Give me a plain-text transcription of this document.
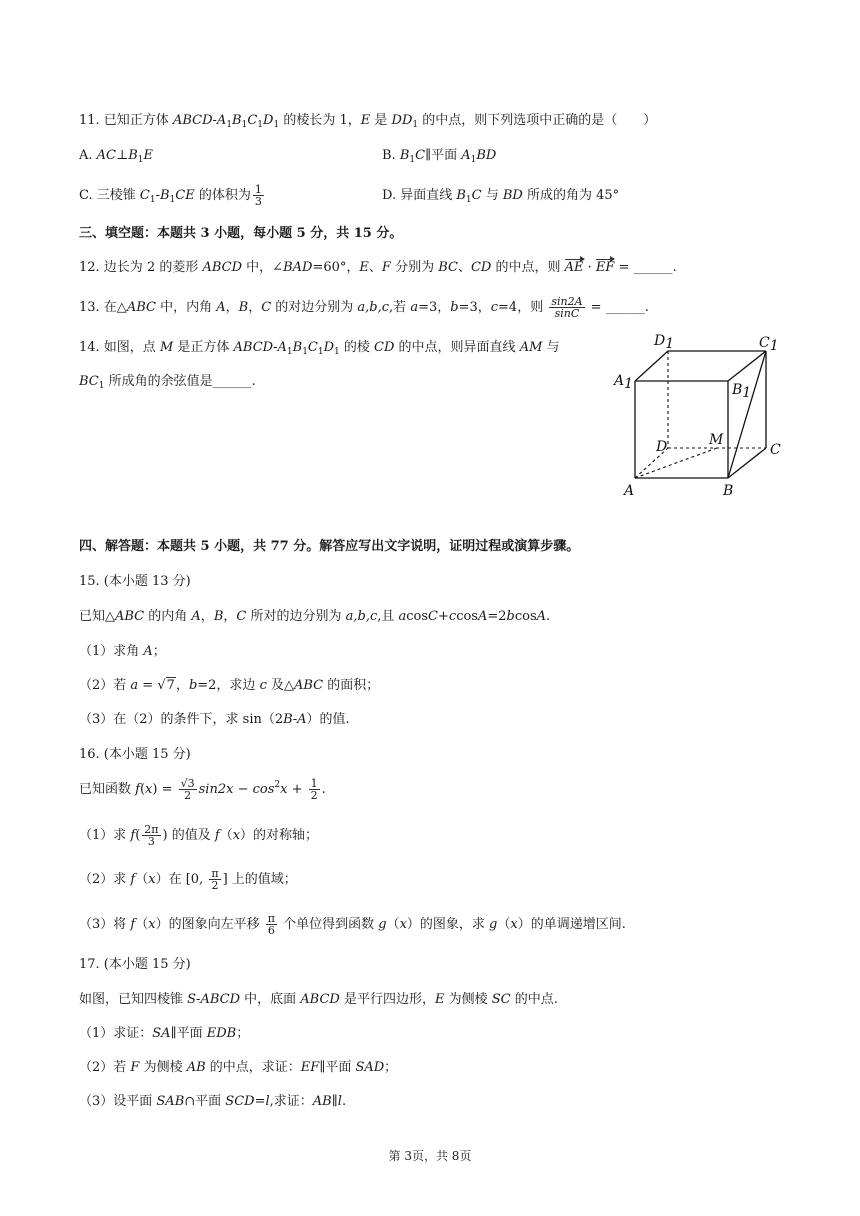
11. 已知正方体 ABCD-$A_1B_1C_1D_1$ 的棱长为 1，E 是 $DD_1$ 的中点，则下列选项中正确的是（　　）
A. $AC\perp B_1E$	B. $B_1C\parallel$平面 $A_1BD$
C. 三棱锥 $C_1-B_1CE$ 的体积为 $\frac{1}{3}$	D. 异面直线 $B_1C$ 与 BD 所成的角为 45°
三、填空题：本题共 3 小题，每小题 5 分，共 15 分。
12. 边长为 2 的菱形 ABCD 中，∠BAD=60°，E、F 分别为 BC、CD 的中点，则 AE · EF = ______.
13. 在△ABC 中，内角 A，B，C 的对边分别为 a,b,c,若 a=3，b=3，c=4，则 $\frac{\sin 2A}{\sin C}$ = ______.
14. 如图，点 M 是正方体 ABCD-$A_1B_1C_1D_1$ 的棱 CD 的中点，则异面直线 AM 与
$BC_1$ 所成角的余弦值是______.
D1	C1
A1	B1
D	M
C
A	B
四、解答题：本题共 5 小题，共 77 分。解答应写出文字说明，证明过程或演算步骤。
15. (本小题 13 分)
已知△ABC 的内角 A，B，C 所对的边分别为 a,b,c,且 acosC+ccosA=2bcosA.
（1）求角 A；
（2）若 a = √7，b=2，求边 c 及△ABC 的面积；
（3）在（2）的条件下，求 sin（2B-A）的值.
16. (本小题 15 分)
已知函数 $f(x) = \frac{√3}{2} \sin 2x - \cos^2x + \frac{1}{2}$ .
（1）求 $f( \frac{2\pi}{3}$ ) 的值及 f（x）的对称轴；
（2）求 f（x）在 [0, $\frac{\pi}{2}$ ] 上的值域；
（3）将 f（x）的图象向左平移 $\frac{\pi}{6}$ 个单位得到函数 g（x）的图象，求 g（x）的单调递增区间.
17. (本小题 15 分)
如图，已知四棱锥 S-ABCD 中，底面 ABCD 是平行四边形，E 为侧棱 SC 的中点.
（1）求证：SA∥平面 EDB；
（2）若 F 为侧棱 AB 的中点，求证：EF∥平面 SAD；
（3）设平面 SAB∩平面 SCD=l,求证：AB∥l.
第 3页，共 8页
